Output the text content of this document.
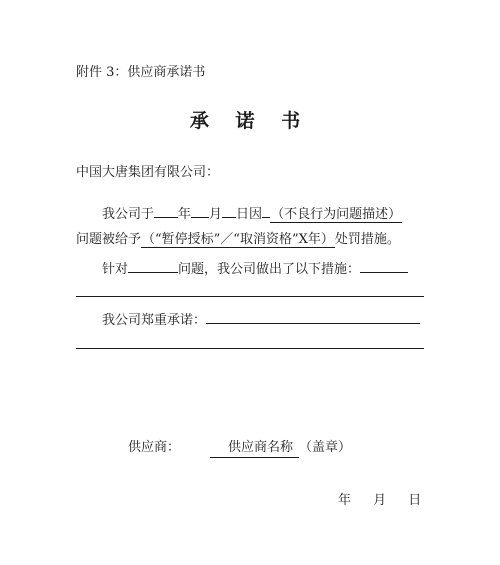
附件 3：供应商承诺书
承 诺 书
中国大唐集团有限公司：
我公司于 年 月 日因 （不良行为问题描述）
问题被给予（“暂停授标”／“取消资格”X年）处罚措施。
针对	问题，我公司做出了以下措施：
我公司郑重承诺：
供应商：	供应商名称 （盖章）
年 月 日
